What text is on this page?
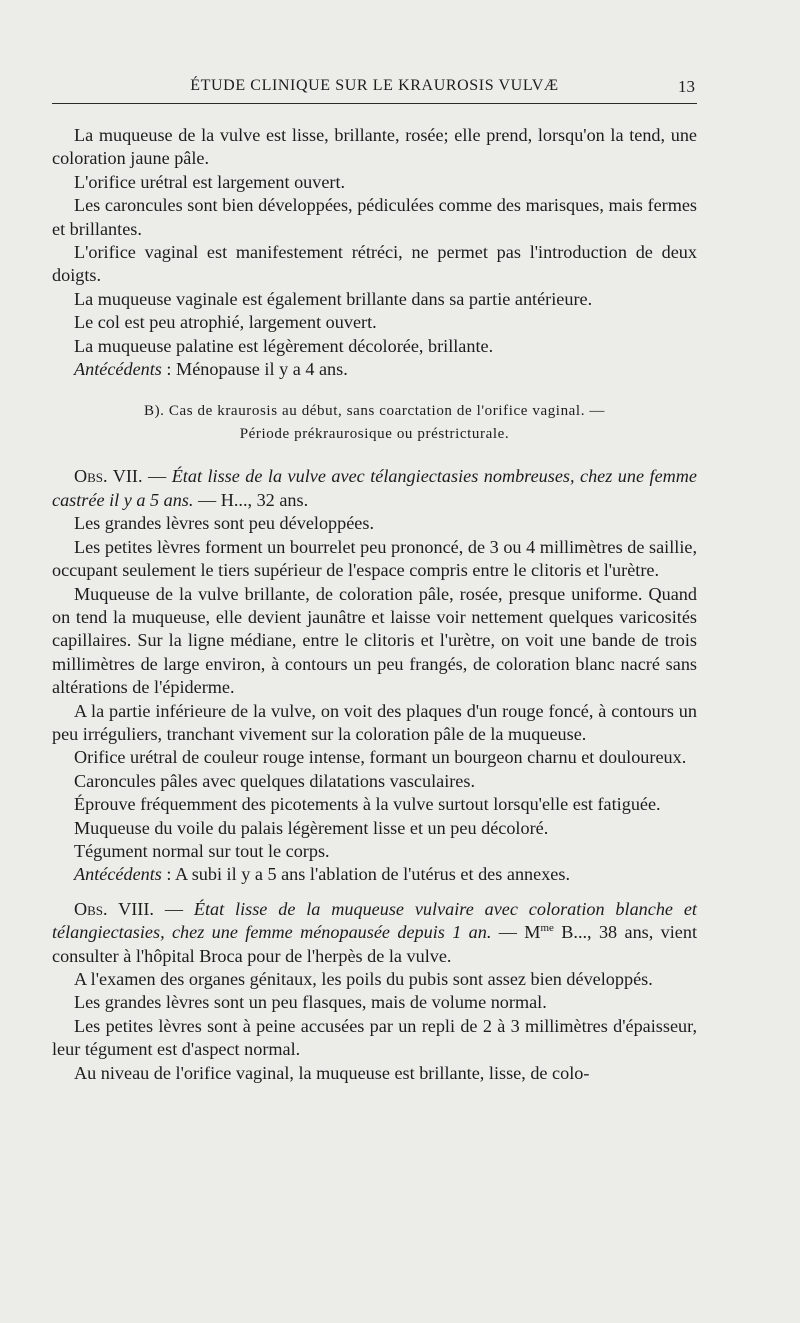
ÉTUDE CLINIQUE SUR LE KRAUROSIS VULVÆ	13

La muqueuse de la vulve est lisse, brillante, rosée; elle prend, lorsqu'on la tend, une coloration jaune pâle.

L'orifice urétral est largement ouvert.

Les caroncules sont bien développées, pédiculées comme des marisques, mais fermes et brillantes.

L'orifice vaginal est manifestement rétréci, ne permet pas l'introduction de deux doigts.

La muqueuse vaginale est également brillante dans sa partie antérieure.

Le col est peu atrophié, largement ouvert.

La muqueuse palatine est légèrement décolorée, brillante.

Antécédents : Ménopause il y a 4 ans.

B). Cas de kraurosis au début, sans coarctation de l'orifice vaginal. —
Période prékraurosique ou préstricturale.

Obs. VII. — État lisse de la vulve avec télangiectasies nombreuses, chez une femme castrée il y a 5 ans. — H..., 32 ans.

Les grandes lèvres sont peu développées.

Les petites lèvres forment un bourrelet peu prononcé, de 3 ou 4 millimètres de saillie, occupant seulement le tiers supérieur de l'espace compris entre le clitoris et l'urètre.

Muqueuse de la vulve brillante, de coloration pâle, rosée, presque uniforme. Quand on tend la muqueuse, elle devient jaunâtre et laisse voir nettement quelques varicosités capillaires. Sur la ligne médiane, entre le clitoris et l'urètre, on voit une bande de trois millimètres de large environ, à contours un peu frangés, de coloration blanc nacré sans altérations de l'épiderme.

A la partie inférieure de la vulve, on voit des plaques d'un rouge foncé, à contours un peu irréguliers, tranchant vivement sur la coloration pâle de la muqueuse.

Orifice urétral de couleur rouge intense, formant un bourgeon charnu et douloureux.

Caroncules pâles avec quelques dilatations vasculaires.

Éprouve fréquemment des picotements à la vulve surtout lorsqu'elle est fatiguée.

Muqueuse du voile du palais légèrement lisse et un peu décoloré.

Tégument normal sur tout le corps.

Antécédents : A subi il y a 5 ans l'ablation de l'utérus et des annexes.

Obs. VIII. — État lisse de la muqueuse vulvaire avec coloration blanche et télangiectasies, chez une femme ménopausée depuis 1 an. — $M^{me}$ B..., 38 ans, vient consulter à l'hôpital Broca pour de l'herpès de la vulve.

A l'examen des organes génitaux, les poils du pubis sont assez bien développés.

Les grandes lèvres sont un peu flasques, mais de volume normal.

Les petites lèvres sont à peine accusées par un repli de 2 à 3 millimètres d'épaisseur, leur tégument est d'aspect normal.

Au niveau de l'orifice vaginal, la muqueuse est brillante, lisse, de colo-
